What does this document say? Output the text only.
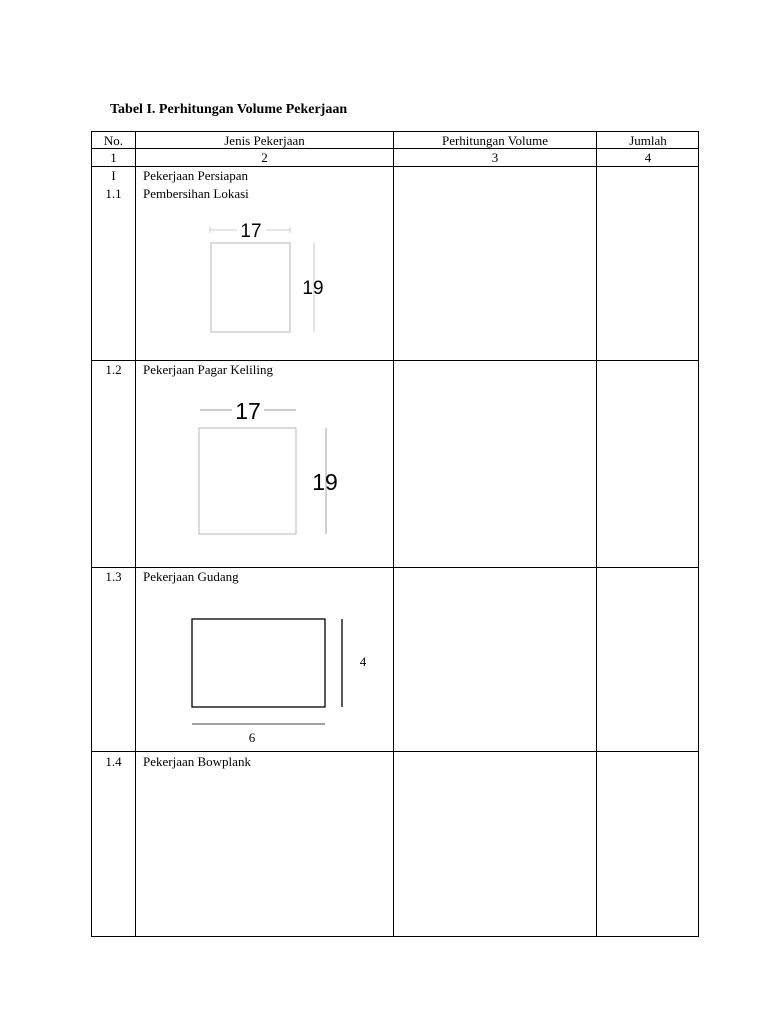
Tabel I. Perhitungan Volume Pekerjaan
No.	Jenis Pekerjaan	Perhitungan Volume	Jumlah
1	2	3	4
I	Pekerjaan Persiapan
1.1	Pembersihan Lokasi
17
19
1.2	Pekerjaan Pagar Keliling
17
19
1.3	Pekerjaan Gudang
4
6
1.4	Pekerjaan Bowplank
